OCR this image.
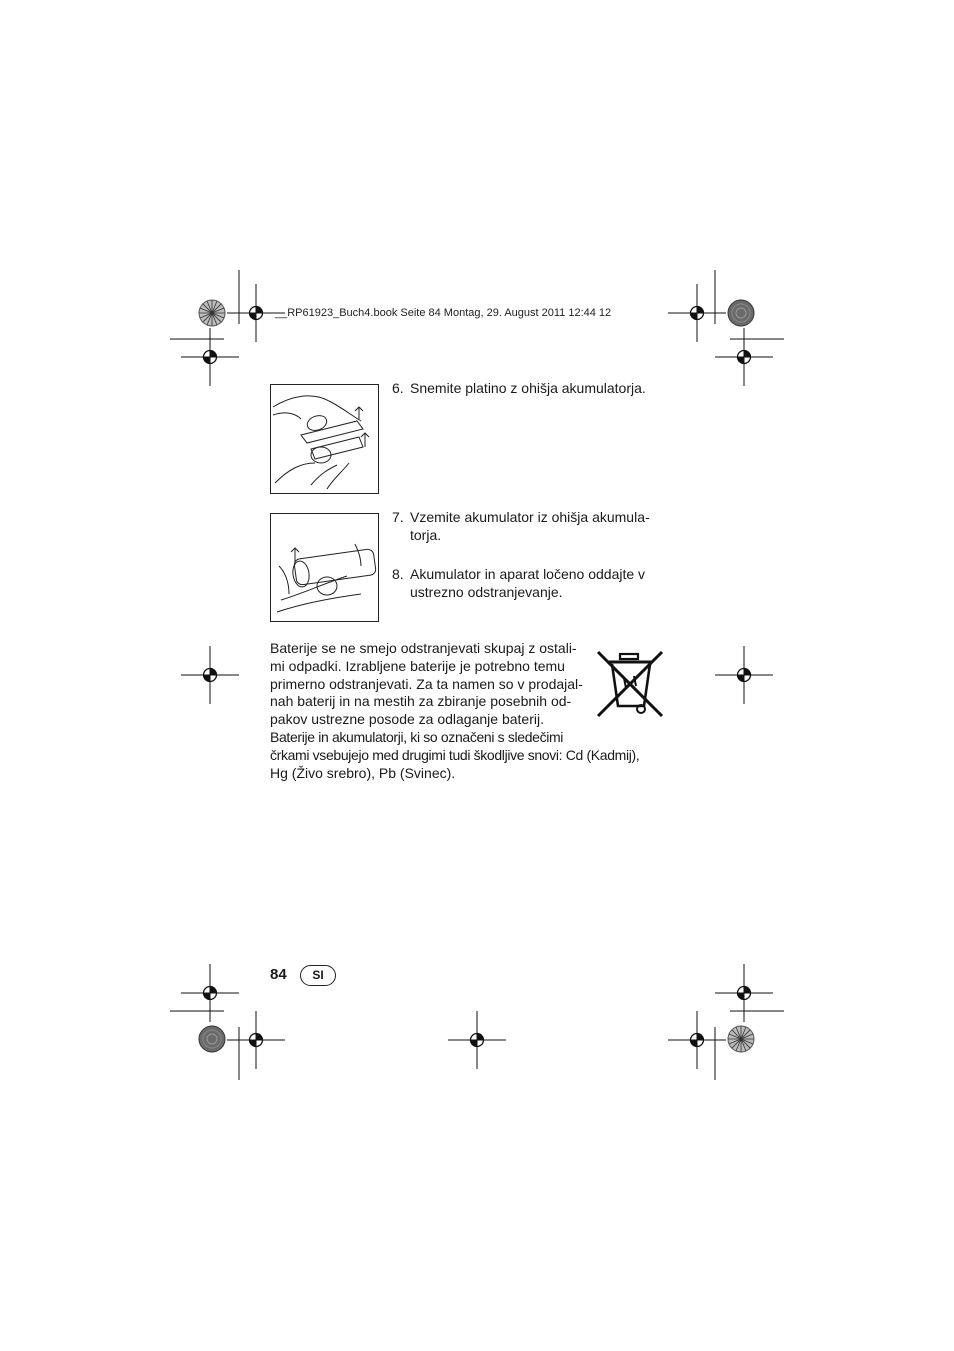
__RP61923_Buch4.book Seite 84 Montag, 29. August 2011 12:44 12
6. Snemite platino z ohišja akumulatorja.
7. Vzemite akumulator iz ohišja akumula-torja.
8. Akumulator in aparat ločeno oddajte v ustrezno odstranjevanje.

Baterije se ne smejo odstranjevati skupaj z ostali-

mi odpadki. Izrabljene baterije je potrebno temu

primerno odstranjevati. Za ta namen so v prodajal-

nah baterij in na mestih za zbiranje posebnih od-

pakov ustrezne posode za odlaganje baterij.

Baterije in akumulatorji, ki so označeni s sledečimi

črkami vsebujejo med drugimi tudi škodljive snovi: Cd (Kadmij),

Hg (Živo srebro), Pb (Svinec).

84	SI
